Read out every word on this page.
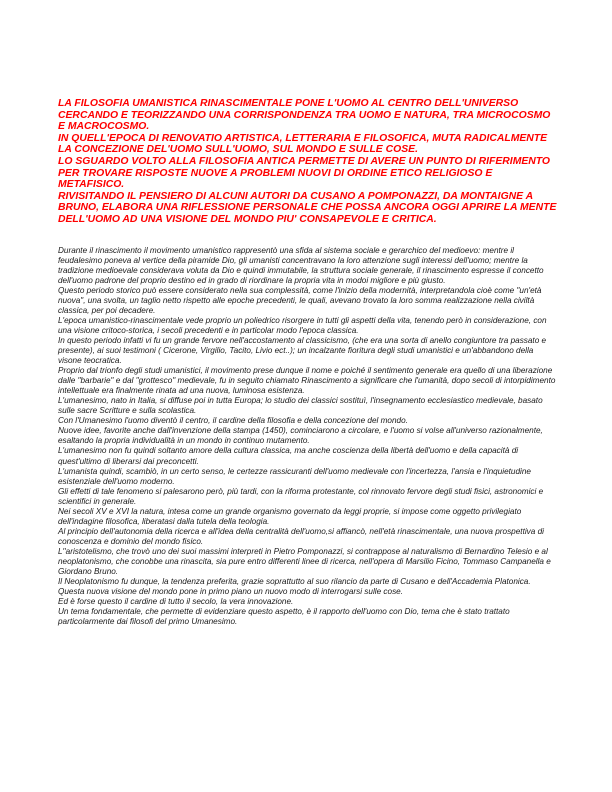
LA FILOSOFIA UMANISTICA RINASCIMENTALE PONE L'UOMO AL CENTRO DELL'UNIVERSO CERCANDO E TEORIZZANDO UNA CORRISPONDENZA TRA UOMO E NATURA, TRA MICROCOSMO E MACROCOSMO.

IN QUELL'EPOCA DI RENOVATIO ARTISTICA, LETTERARIA E FILOSOFICA, MUTA RADICALMENTE LA CONCEZIONE DEL'UOMO SULL'UOMO, SUL MONDO E SULLE COSE.

LO SGUARDO VOLTO ALLA FILOSOFIA ANTICA PERMETTE DI AVERE UN PUNTO DI RIFERIMENTO PER TROVARE RISPOSTE NUOVE A PROBLEMI NUOVI DI ORDINE ETICO RELIGIOSO E METAFISICO.

RIVISITANDO IL PENSIERO DI ALCUNI AUTORI DA CUSANO A POMPONAZZI, DA MONTAIGNE A BRUNO, ELABORA UNA RIFLESSIONE PERSONALE CHE POSSA ANCORA OGGI APRIRE LA MENTE DELL'UOMO AD UNA VISIONE DEL MONDO PIU' CONSAPEVOLE E CRITICA.

Durante il rinascimento il movimento umanistico rappresentò una sfida al sistema sociale e gerarchico del medioevo: mentre il feudalesimo poneva al vertice della piramide Dio, gli umanisti concentravano la loro attenzione sugli interessi dell'uomo; mentre la tradizione medioevale considerava voluta da Dio e quindi immutabile, la struttura sociale generale, il rinascimento espresse il concetto dell'uomo padrone del proprio destino ed in grado di riordinare la propria vita in modoi migliore e più giusto.

Questo periodo storico può essere considerato nella sua complessità, come l'inizio della modernità, interpretandola cioè come "un'età nuova", una svolta, un taglio netto rispetto alle epoche precedenti, le quali, avevano trovato la loro somma realizzazione nella civiltà classica, per poi decadere.

L'epoca umanistico-rinascimentale vede proprio un poliedrico risorgere in tutti gli aspetti della vita, tenendo però in considerazione, con una visione critoco-storica, i secoli precedenti e in particolar modo l'epoca classica.

In questo periodo infatti vi fu un grande fervore nell'accostamento al classicismo, (che era una sorta di anello congiuntore tra passato e presente), ai suoi testimoni ( Cicerone, Virgilio, Tacito, Livio ect..); un incalzante fioritura degli studi umanistici e un'abbandono della visone teocratica.

Proprio dal trionfo degli studi umanistici, il movimento prese dunque il nome e poiché il sentimento generale era quello di una liberazione dalle "barbarie" e dal "grottesco" medievale, fu in seguito chiamato Rinascimento a significare che l'umanità, dopo secoli di intorpidimento intellettuale era finalmente rinata ad una nuova, luminosa esistenza.

L'umanesimo, nato in Italia, si diffuse poi in tutta Europa; lo studio dei classici sostituì, l'insegnamento ecclesiastico medievale, basato sulle sacre Scritture e sulla scolastica.

Con l'Umanesimo l'uomo diventò il centro, il cardine della filosofia e della concezione del mondo.

Nuove idee, favorite anche dall'invenzione della stampa (1450), cominciarono a circolare, e l'uomo si volse all'universo razionalmente, esaltando la propria individualità in un mondo in continuo mutamento.

L'umanesimo non fu quindi soltanto amore della cultura classica, ma anche coscienza della libertà dell'uomo e della capacità di quest'ultimo di liberarsi dai preconcetti.

L'umanista quindi, scambiò, in un certo senso, le certezze rassicuranti dell'uomo medievale con l'incertezza, l'ansia e l'inquietudine esistenziale dell'uomo moderno.

Gli effetti di tale fenomeno si palesarono però, più tardi, con la riforma protestante, col rinnovato fervore degli studi fisici, astronomici e scientifici in generale.

Nei secoli XV e XVI la natura, intesa come un grande organismo governato da leggi proprie, si impose come oggetto privilegiato dell'indagine filosofica, liberatasi dalla tutela della teologia.

Al principio dell'autonomia della ricerca e all'idea della centralità dell'uomo,si affiancò, nell'età rinascimentale, una nuova prospettiva di conoscenza e dominio del mondo fisico.

L''aristotelismo, che trovò uno dei suoi massimi interpreti in Pietro Pomponazzi, si contrappose al naturalismo di Bernardino Telesio e al neoplatonismo, che conobbe una rinascita, sia pure entro differenti linee di ricerca, nell'opera di Marsilio Ficino, Tommaso Campanella e Giordano Bruno.

Il Neoplatonismo fu dunque, la tendenza preferita, grazie soprattutto al suo rilancio da parte di Cusano e dell'Accademia Platonica.

Questa nuova visione del mondo pone in primo piano un nuovo modo di interrogarsi sulle cose.

Ed è forse questo il cardine di tutto il secolo, la vera innovazione.

Un tema fondamentale, che permette di evidenziare questo aspetto, è il rapporto dell'uomo con Dio, tema che è stato trattato particolarmente dai filosofi del primo Umanesimo.
